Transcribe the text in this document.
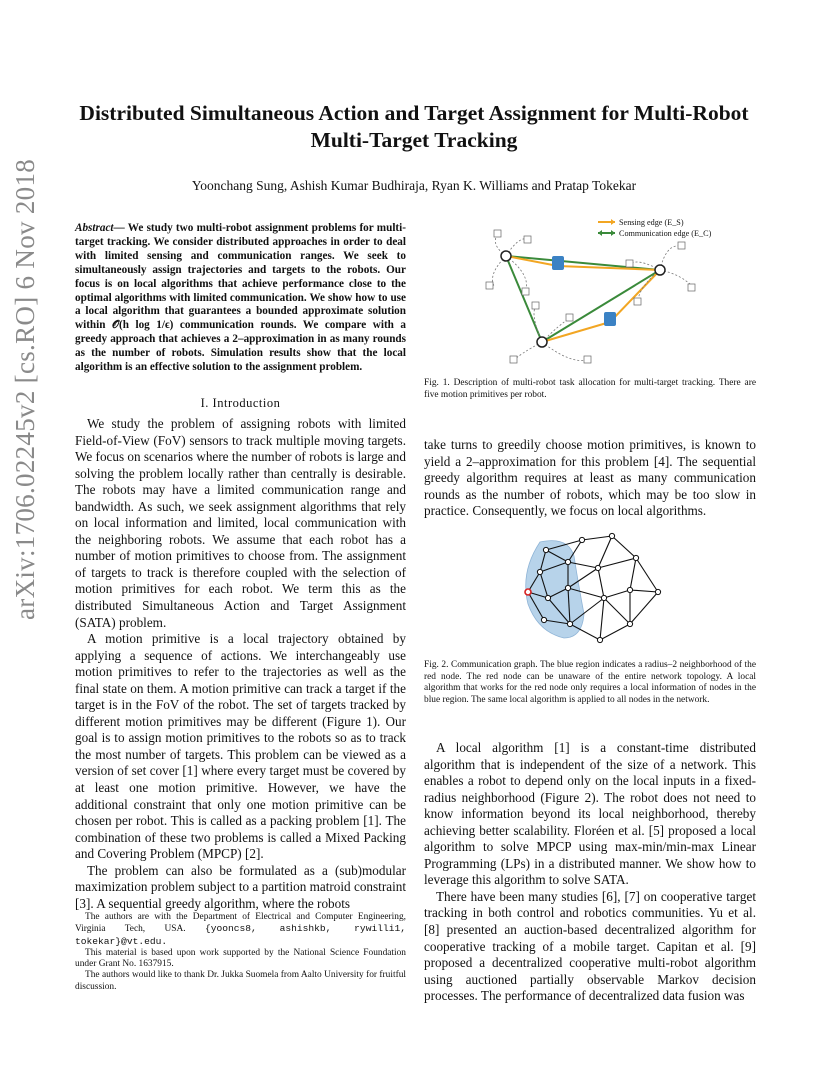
arXiv:1706.02245v2 [cs.RO] 6 Nov 2018
Distributed Simultaneous Action and Target Assignment for Multi-Robot Multi-Target Tracking
Yoonchang Sung, Ashish Kumar Budhiraja, Ryan K. Williams and Pratap Tokekar
Abstract— We study two multi-robot assignment problems for multi-target tracking. We consider distributed approaches in order to deal with limited sensing and communication ranges. We seek to simultaneously assign trajectories and targets to the robots. Our focus is on local algorithms that achieve performance close to the optimal algorithms with limited communication. We show how to use a local algorithm that guarantees a bounded approximate solution within 𝒪(h log 1/ϵ) communication rounds. We compare with a greedy approach that achieves a 2–approximation in as many rounds as the number of robots. Simulation results show that the local algorithm is an effective solution to the assignment problem.
I. Introduction

We study the problem of assigning robots with limited Field-of-View (FoV) sensors to track multiple moving targets. We focus on scenarios where the number of robots is large and solving the problem locally rather than centrally is desirable. The robots may have a limited communication range and bandwidth. As such, we seek assignment algorithms that rely on local information and limited, local communication with the neighboring robots. We assume that each robot has a number of motion primitives to choose from. The assignment of targets to track is therefore coupled with the selection of motion primitives for each robot. We term this as the distributed Simultaneous Action and Target Assignment (SATA) problem.

A motion primitive is a local trajectory obtained by applying a sequence of actions. We interchangeably use motion primitives to refer to the trajectories as well as the final state on them. A motion primitive can track a target if the target is in the FoV of the robot. The set of targets tracked by different motion primitives may be different (Figure 1). Our goal is to assign motion primitives to the robots so as to track the most number of targets. This problem can be viewed as a version of set cover [1] where every target must be covered by at least one motion primitive. However, we have the additional constraint that only one motion primitive can be chosen per robot. This is called as a packing problem [1]. The combination of these two problems is called a Mixed Packing and Covering Problem (MPCP) [2].

The problem can also be formulated as a (sub)modular maximization problem subject to a partition matroid constraint [3]. A sequential greedy algorithm, where the robots

The authors are with the Department of Electrical and Computer Engineering, Virginia Tech, USA. {yooncs8, ashishkb, rywilli1, tokekar}@vt.edu.

This material is based upon work supported by the National Science Foundation under Grant No. 1637915.

The authors would like to thank Dr. Jukka Suomela from Aalto University for fruitful discussion.

Sensing edge (E_S)
Communication edge (E_C)
Fig. 1. Description of multi-robot task allocation for multi-target tracking. There are five motion primitives per robot.
take turns to greedily choose motion primitives, is known to yield a 2–approximation for this problem [4]. The sequential greedy algorithm requires at least as many communication rounds as the number of robots, which may be too slow in practice. Consequently, we focus on local algorithms.
Fig. 2. Communication graph. The blue region indicates a radius–2 neighborhood of the red node. The red node can be unaware of the entire network topology. A local algorithm that works for the red node only requires a local information of nodes in the blue region. The same local algorithm is applied to all nodes in the network.

A local algorithm [1] is a constant-time distributed algorithm that is independent of the size of a network. This enables a robot to depend only on the local inputs in a fixed-radius neighborhood (Figure 2). The robot does not need to know information beyond its local neighborhood, thereby achieving better scalability. Floréen et al. [5] proposed a local algorithm to solve MPCP using max-min/min-max Linear Programming (LPs) in a distributed manner. We show how to leverage this algorithm to solve SATA.

There have been many studies [6], [7] on cooperative target tracking in both control and robotics communities. Yu et al. [8] presented an auction-based decentralized algorithm for cooperative tracking of a mobile target. Capitan et al. [9] proposed a decentralized cooperative multi-robot algorithm using auctioned partially observable Markov decision processes. The performance of decentralized data fusion was
